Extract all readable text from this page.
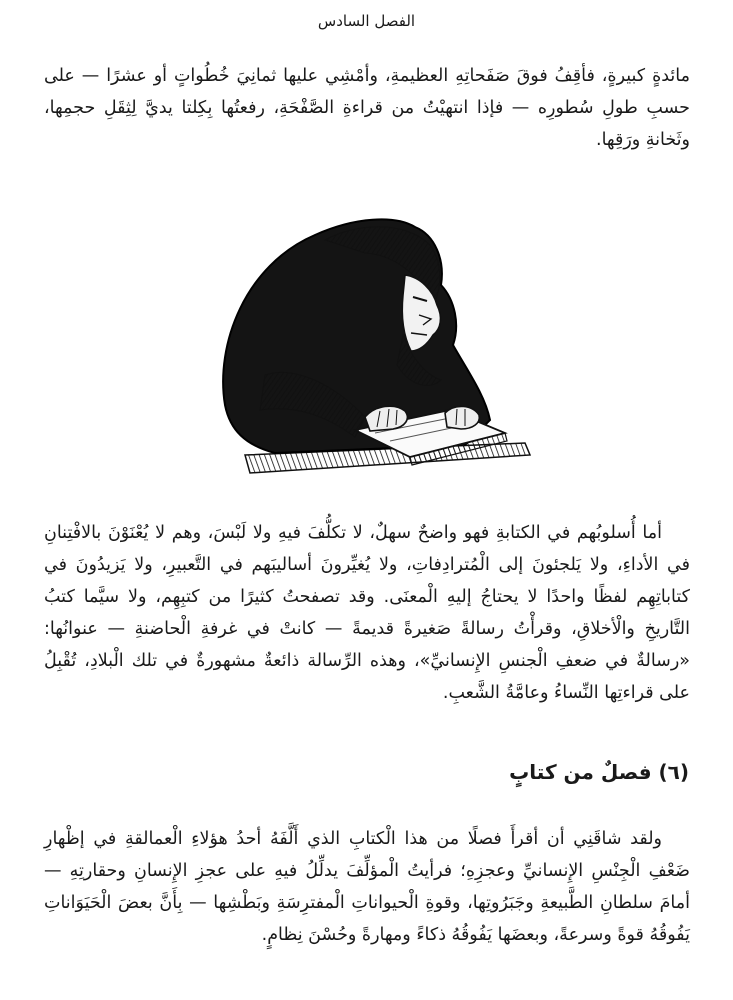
الفصل السادس

مائدةٍ كبيرةٍ، فأقِفُ فوقَ صَفَحاتِهِ العظيمةِ، وأمْشِي عليها ثمانِيَ خُطُواتٍ أو عشرًا — على حسبِ طولِ سُطورِه — فإذا انتهيْتُ من قراءةِ الصَّفْحَةِ، رفعتُها بِكِلتا يديَّ لِثِقَلِ حجمِها، وثَخانةِ ورَقِها.

أما أُسلوبُهم في الكتابةِ فهو واضحٌ سهلٌ، لا تكلُّفَ فيهِ ولا لَبْسَ، وهم لا يُعْنَوْنَ بالافْتِنانِ في الأداءِ، ولا يَلجئونَ إلى الْمُترادِفاتِ، ولا يُغيِّرونَ أساليبَهم في التَّعبيرِ، ولا يَزيدُونَ في كتاباتِهِم لفظًا واحدًا لا يحتاجُ إليهِ الْمعنَى. وقد تصفحتُ كثيرًا من كتبِهِم، ولا سيَّما كتبُ التَّاريخِ والْأخلاقِ، وقرأْتُ رسالةً صَغيرةً قديمةً — كانتْ في غرفةِ الْحاضنةِ — عنوانُها: «رسالةٌ في ضعفِ الْجنسِ الإِنسانيِّ»، وهذه الرِّسالة ذائعةٌ مشهورةٌ في تلك الْبلادِ، تُقْبِلُ على قراءتِها النِّساءُ وعامَّةُ الشَّعبِ.

(٦) فصلٌ من كتابٍ

ولقد شاقَنِي أن أقرأَ فصلًا من هذا الْكتابِ الذي أَلَّفَهُ أحدُ هؤلاءِ الْعمالقةِ في إظْهارِ ضَعْفِ الْجِنْسِ الإِنسانيِّ وعجزِهِ؛ فرأيتُ الْمؤلِّفَ يدلِّلُ فيهِ على عجزِ الإِنسانِ وحقارتِهِ — أمامَ سلطانِ الطَّبيعةِ وجَبَرُوتِها، وقوةِ الْحيواناتِ الْمفترِسَةِ وبَطْشِها — بِأَنَّ بعضَ الْحَيَوَاناتِ يَفُوقُهُ قوةً وسرعةً، وبعضَها يَفُوقُهُ ذكاءً ومهارةً وحُسْنَ نِظامٍ.
